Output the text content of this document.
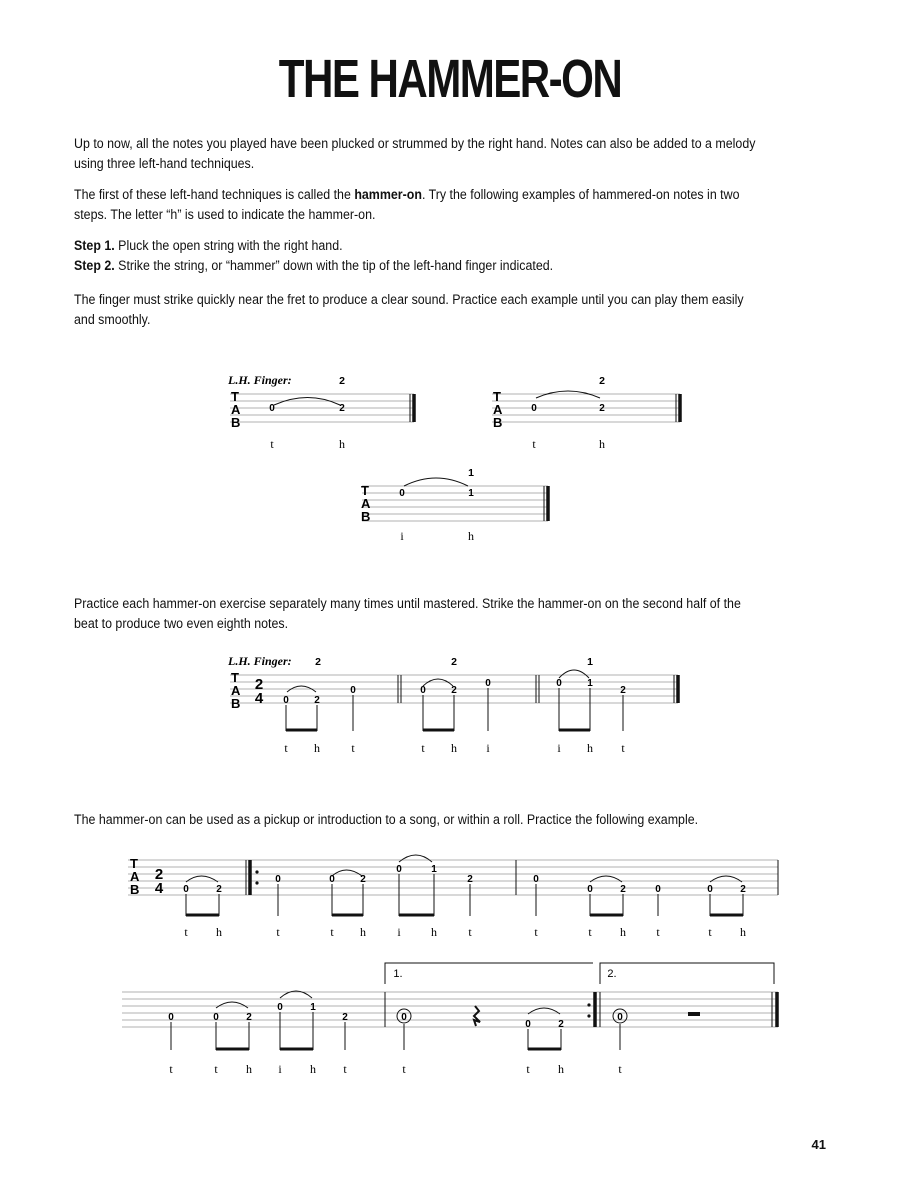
THE HAMMER-ON
Up to now, all the notes you played have been plucked or strummed by the right hand. Notes can also be added to a melody using three left-hand techniques.
The first of these left-hand techniques is called the hammer-on. Try the following examples of hammered-on notes in two steps. The letter “h” is used to indicate the hammer-on.
Step 1. Pluck the open string with the right hand.
Step 2. Strike the string, or “hammer” down with the tip of the left-hand finger indicated.
The finger must strike quickly near the fret to produce a clear sound. Practice each example until you can play them easily and smoothly.
L.H. Finger:	2
T
A
B
0	2
t	h
2
T
A
B
0	2
t	h
1
T
A
B
0	1
i	h
Practice each hammer-on exercise separately many times until mastered. Strike the hammer-on on the second half of the beat to produce two even eighth notes.
L.H. Finger: 2	2	1
T
A
B
2
4 0	2
0	0	2
0	0	1
2
t h	t	t h i	i h t
The hammer-on can be used as a pickup or introduction to a song, or within a roll. Practice the following example.
T
A
B
2
4 0	2
0	0	2
0	1
2	0
0	2	0	0	2
t h	t	t h	i	h	t	t	t h	t	t h
1.	2.
0	0	2
0	1
2	0
0	2
0
t	t h i h t	t	t h	t
41
